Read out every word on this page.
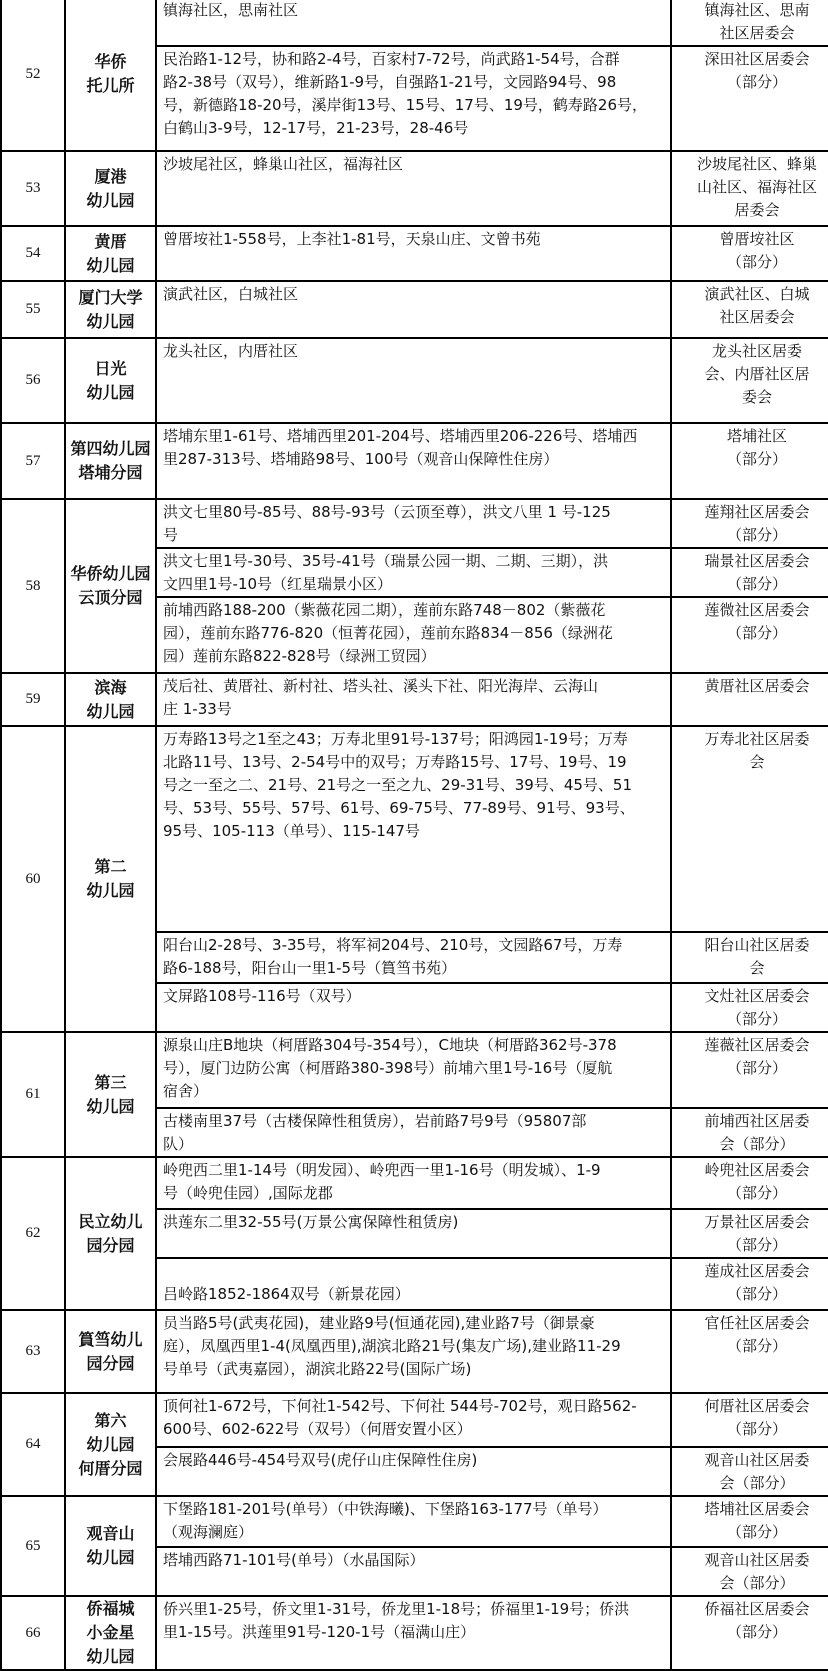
52	华侨
托儿所	镇海社区，思南社区	镇海社区、思南
社区居委会

		民治路1-12号，协和路2-4号，百家村7-72号，尚武路1-54号，合群
路2-38号（双号），维新路1-9号，自强路1-21号，文园路94号、98
号，新德路18-20号，溪岸街13号、15号、17号、19号，鹤寿路26号，
白鹤山3-9号，12-17号，21-23号，28-46号	深田社区居委会
（部分）

53	厦港
幼儿园	沙坡尾社区，蜂巢山社区，福海社区	沙坡尾社区、蜂巢
山社区、福海社区
居委会

54	黄厝
幼儿园	曾厝垵社1-558号，上李社1-81号，天泉山庄、文曾书苑	曾厝垵社区
（部分）

55	厦门大学
幼儿园	演武社区，白城社区	演武社区、白城
社区居委会

56	日光
幼儿园	龙头社区，内厝社区	龙头社区居委
会、内厝社区居
委会

57	第四幼儿园
塔埔分园	塔埔东里1-61号、塔埔西里201-204号、塔埔西里206-226号、塔埔西
里287-313号、塔埔路98号、100号（观音山保障性住房）	塔埔社区
（部分）

58	华侨幼儿园
云顶分园	洪文七里80号-85号、88号-93号（云顶至尊），洪文八里 1 号-125
号	莲翔社区居委会
（部分）

		洪文七里1号-30号、35号-41号（瑞景公园一期、二期、三期），洪
文四里1号-10号（红星瑞景小区）	瑞景社区居委会
（部分）

		前埔西路188-200（紫薇花园二期），莲前东路748－802（紫薇花
园），莲前东路776-820（恒菁花园），莲前东路834－856（绿洲花
园）莲前东路822-828号（绿洲工贸园）	莲微社区居委会
（部分）

59	滨海
幼儿园	茂后社、黄厝社、新村社、塔头社、溪头下社、阳光海岸、云海山
庄 1-33号	黄厝社区居委会

60	第二
幼儿园	万寿路13号之1至之43；万寿北里91号-137号；阳鸿园1-19号；万寿
北路11号、13号、2-54号中的双号；万寿路15号、17号、19号、19
号之一至之二、21号、21号之一至之九、29-31号、39号、45号、51
号、53号、55号、57号、61号、69-75号、77-89号、91号、93号、
95号、105-113（单号）、115-147号	万寿北社区居委
会

		阳台山2-28号、3-35号，将军祠204号、210号，文园路67号，万寿
路6-188号，阳台山一里1-5号（篔筜书苑）	阳台山社区居委
会

		文屏路108号-116号（双号）	文灶社区居委会
（部分）

61	第三
幼儿园	源泉山庄B地块（柯厝路304号-354号），C地块（柯厝路362号-378
号），厦门边防公寓（柯厝路380-398号）前埔六里1号-16号（厦航
宿舍）	莲薇社区居委会
（部分）

		古楼南里37号（古楼保障性租赁房），岩前路7号9号（95807部
队）	前埔西社区居委
会（部分）

62	民立幼儿
园分园	岭兜西二里1-14号（明发园）、岭兜西一里1-16号（明发城）、1-9
号（岭兜佳园）,国际龙郡	岭兜社区居委会
（部分）

		洪莲东二里32-55号(万景公寓保障性租赁房)	万景社区居委会
（部分）

		吕岭路1852-1864双号（新景花园）	莲成社区居委会
（部分）

63	篔筜幼儿
园分园	员当路5号(武夷花园)，建业路9号(恒通花园),建业路7号（御景豪
庭），凤凰西里1-4(凤凰西里),湖滨北路21号(集友广场),建业路11-29
号单号（武夷嘉园），湖滨北路22号(国际广场)	官任社区居委会
（部分）

64	第六
幼儿园
何厝分园	顶何社1-672号，下何社1-542号、下何社 544号-702号，观日路562-
600号、602-622号（双号）（何厝安置小区）	何厝社区居委会
（部分）

		会展路446号-454号双号(虎仔山庄保障性住房)	观音山社区居委
会（部分）

65	观音山
幼儿园	下堡路181-201号(单号）（中铁海曦)、下堡路163-177号（单号）
（观海澜庭）	塔埔社区居委会
（部分）

		塔埔西路71-101号(单号）（水晶国际）	观音山社区居委
会（部分）

66	侨福城
小金星
幼儿园	侨兴里1-25号，侨文里1-31号，侨龙里1-18号；侨福里1-19号；侨洪
里1-15号。洪莲里91号-120-1号（福满山庄）	侨福社区居委会
（部分）
